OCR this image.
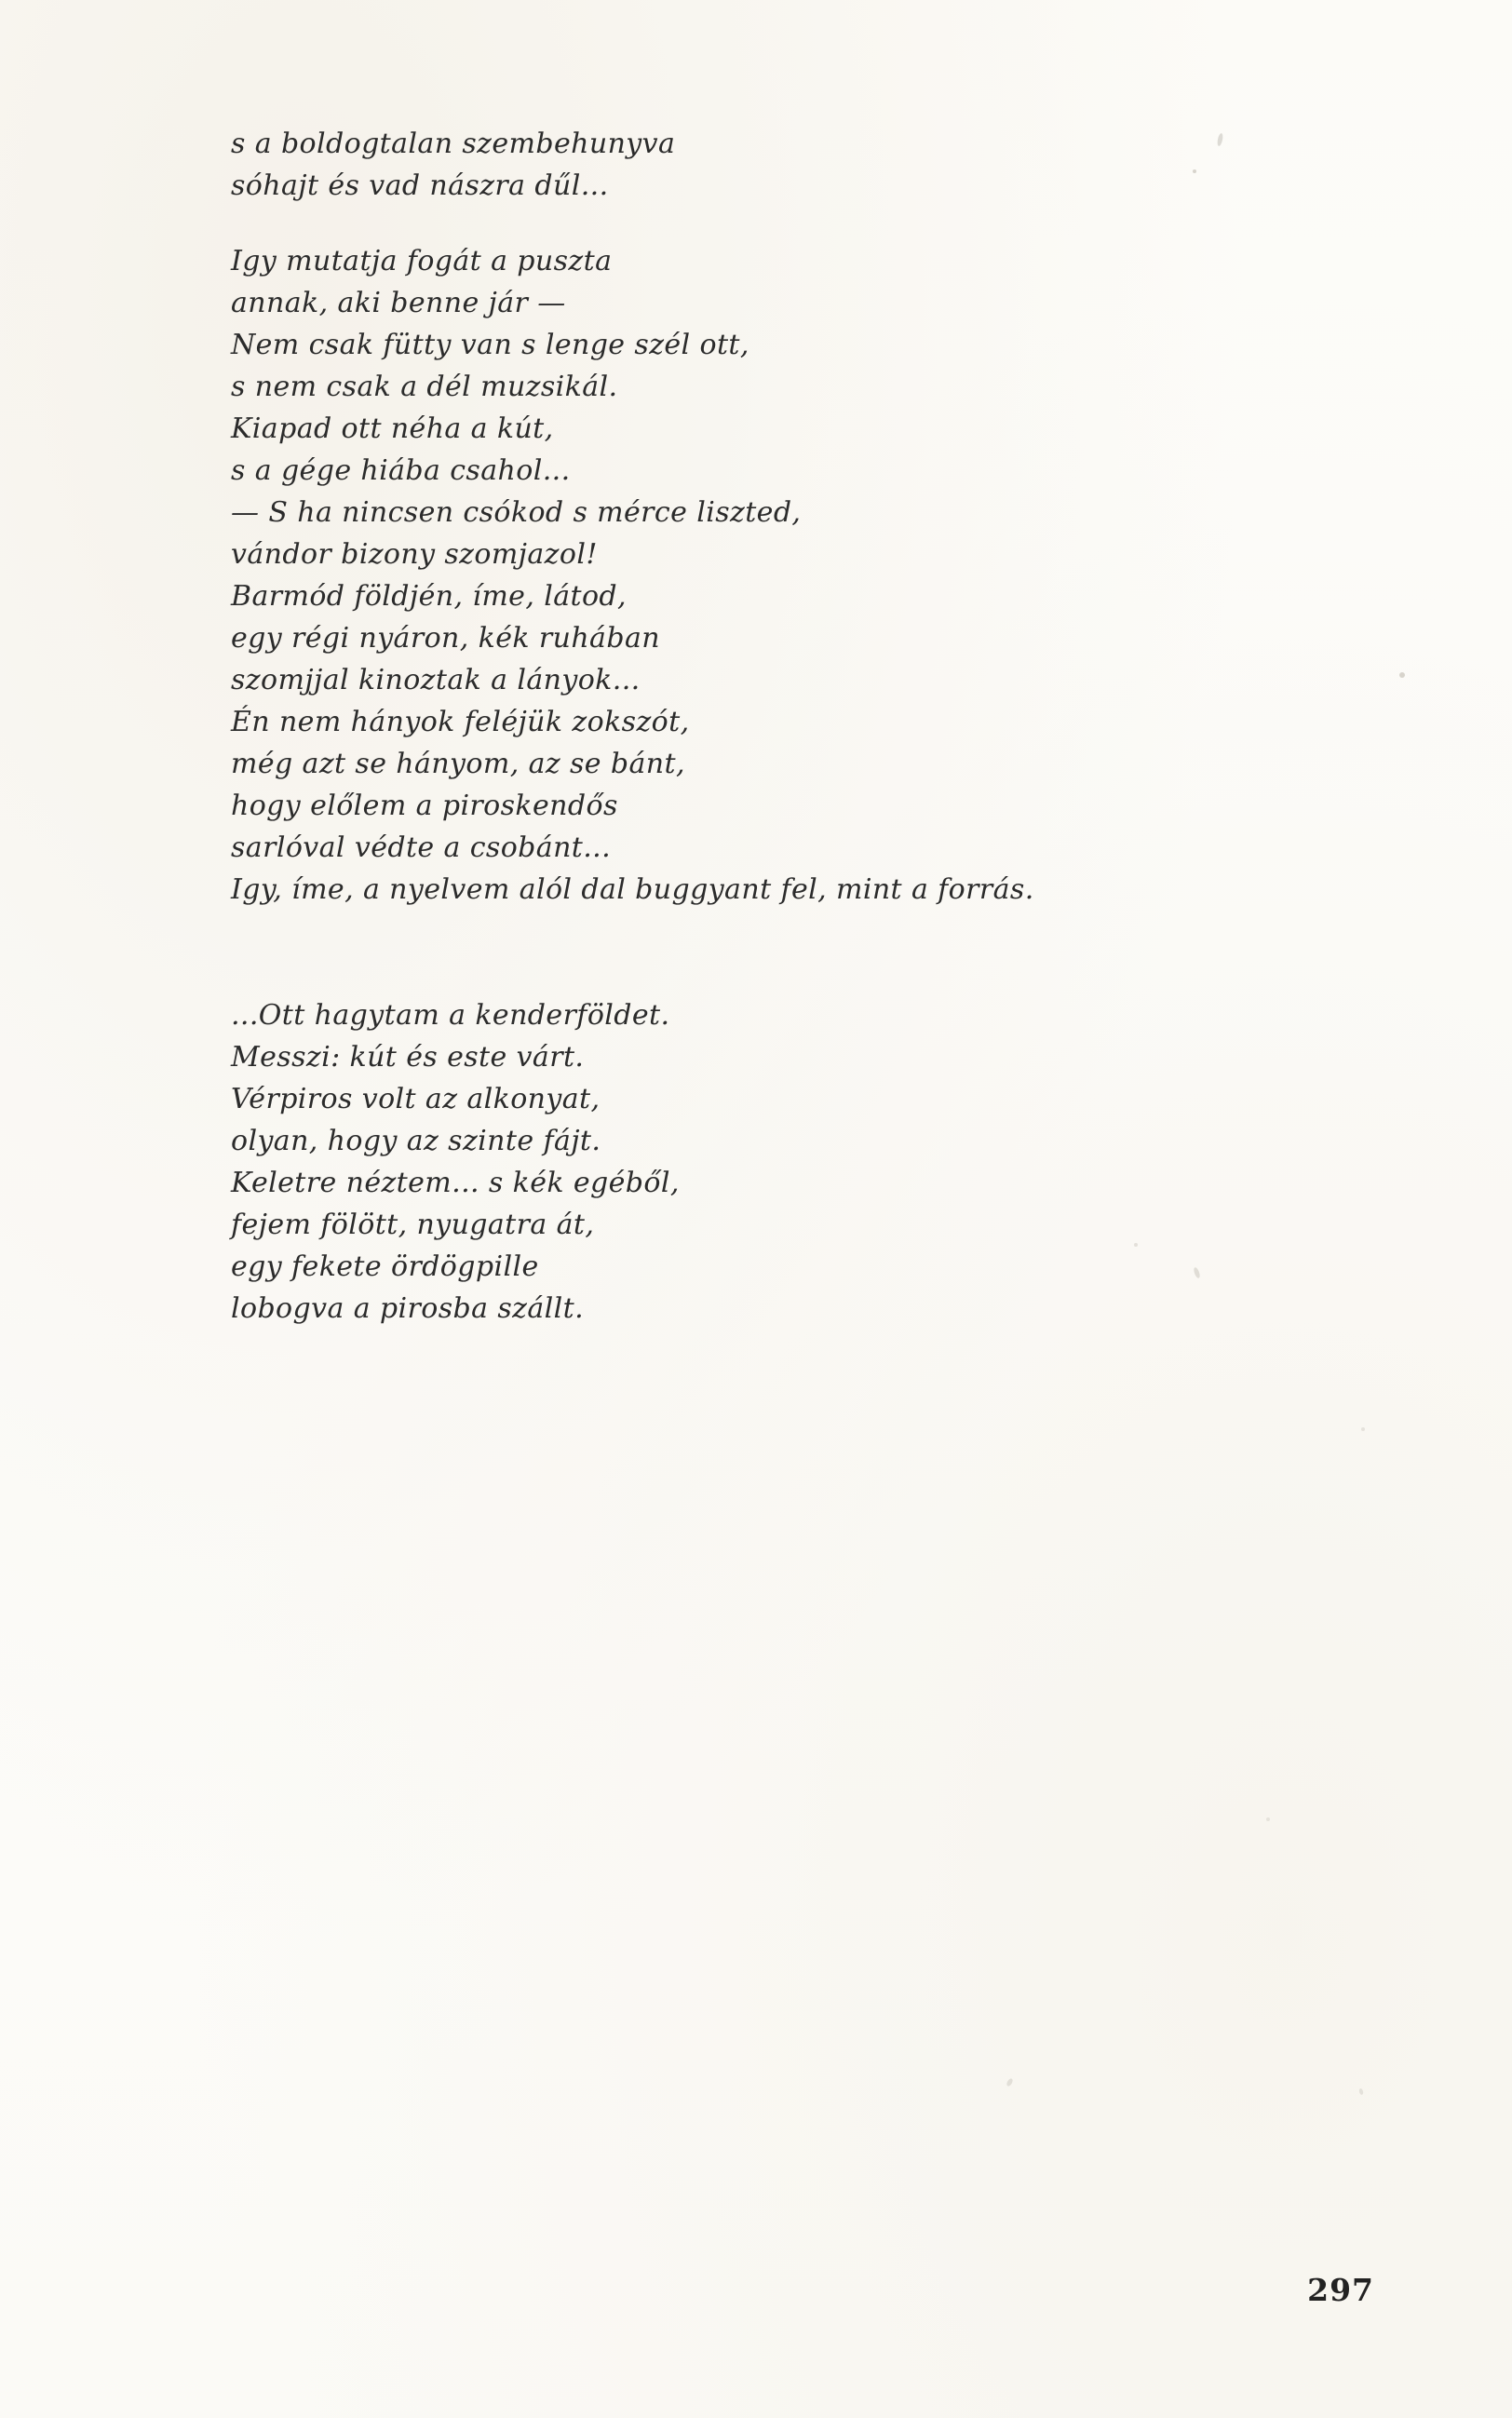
s a boldogtalan szembehunyva
sóhajt és vad nászra dűl...
Igy mutatja fogát a puszta
annak, aki benne jár —
Nem csak fütty van s lenge szél ott,
s nem csak a dél muzsikál.
Kiapad ott néha a kút,
s a gége hiába csahol...
— S ha nincsen csókod s mérce liszted,
vándor bizony szomjazol!
Barmód földjén, íme, látod,
egy régi nyáron, kék ruhában
szomjjal kinoztak a lányok...
Én nem hányok feléjük zokszót,
még azt se hányom, az se bánt,
hogy előlem a piroskendős
sarlóval védte a csobánt...
Igy, íme, a nyelvem alól dal buggyant fel, mint a forrás.
...Ott hagytam a kenderföldet.
Messzi: kút és este várt.
Vérpiros volt az alkonyat,
olyan, hogy az szinte fájt.
Keletre néztem... s kék egéből,
fejem fölött, nyugatra át,
egy fekete ördögpille
lobogva a pirosba szállt.
297
